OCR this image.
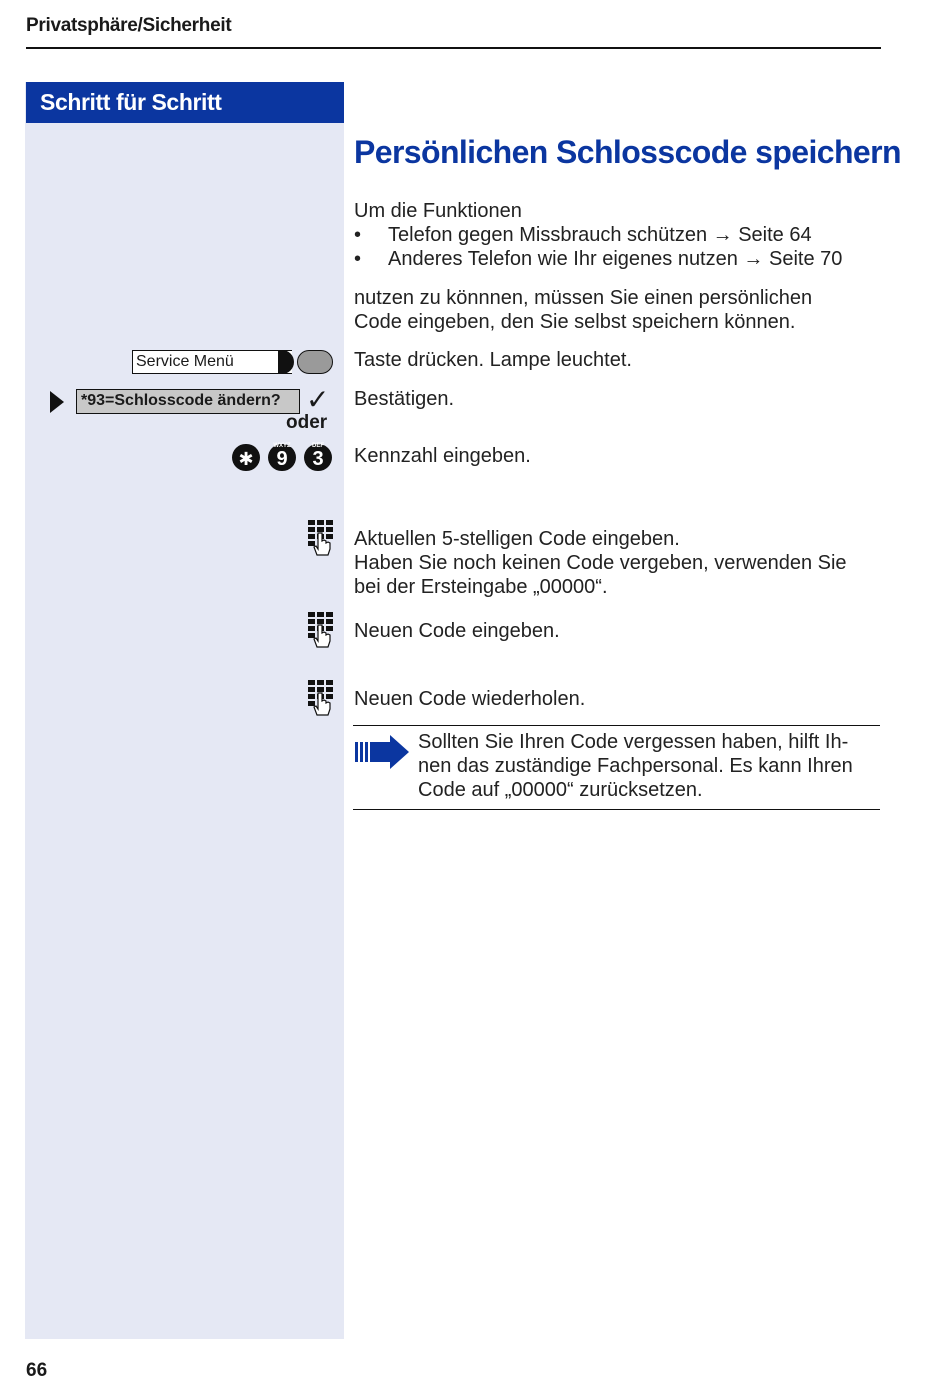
Privatsphäre/Sicherheit
Schritt für Schritt
Persönlichen Schlosscode speichern
Um die Funktionen
• Telefon gegen Missbrauch schützen → Seite 64
• Anderes Telefon wie Ihr eigenes nutzen → Seite 70
nutzen zu könnnen, müssen Sie einen persönlichen
Code eingeben, den Sie selbst speichern können.
Service Menü	Taste drücken. Lampe leuchtet.
*93=Schlosscode ändern? ✓ Bestätigen.
oder
✱
WXYZ
9
DEF
3	Kennzahl eingeben.
Aktuellen 5-stelligen Code eingeben.
Haben Sie noch keinen Code vergeben, verwenden Sie
bei der Ersteingabe „00000“.
Neuen Code eingeben.
Neuen Code wiederholen.
Sollten Sie Ihren Code vergessen haben, hilft Ih-
nen das zuständige Fachpersonal. Es kann Ihren
Code auf „00000“ zurücksetzen.
66
